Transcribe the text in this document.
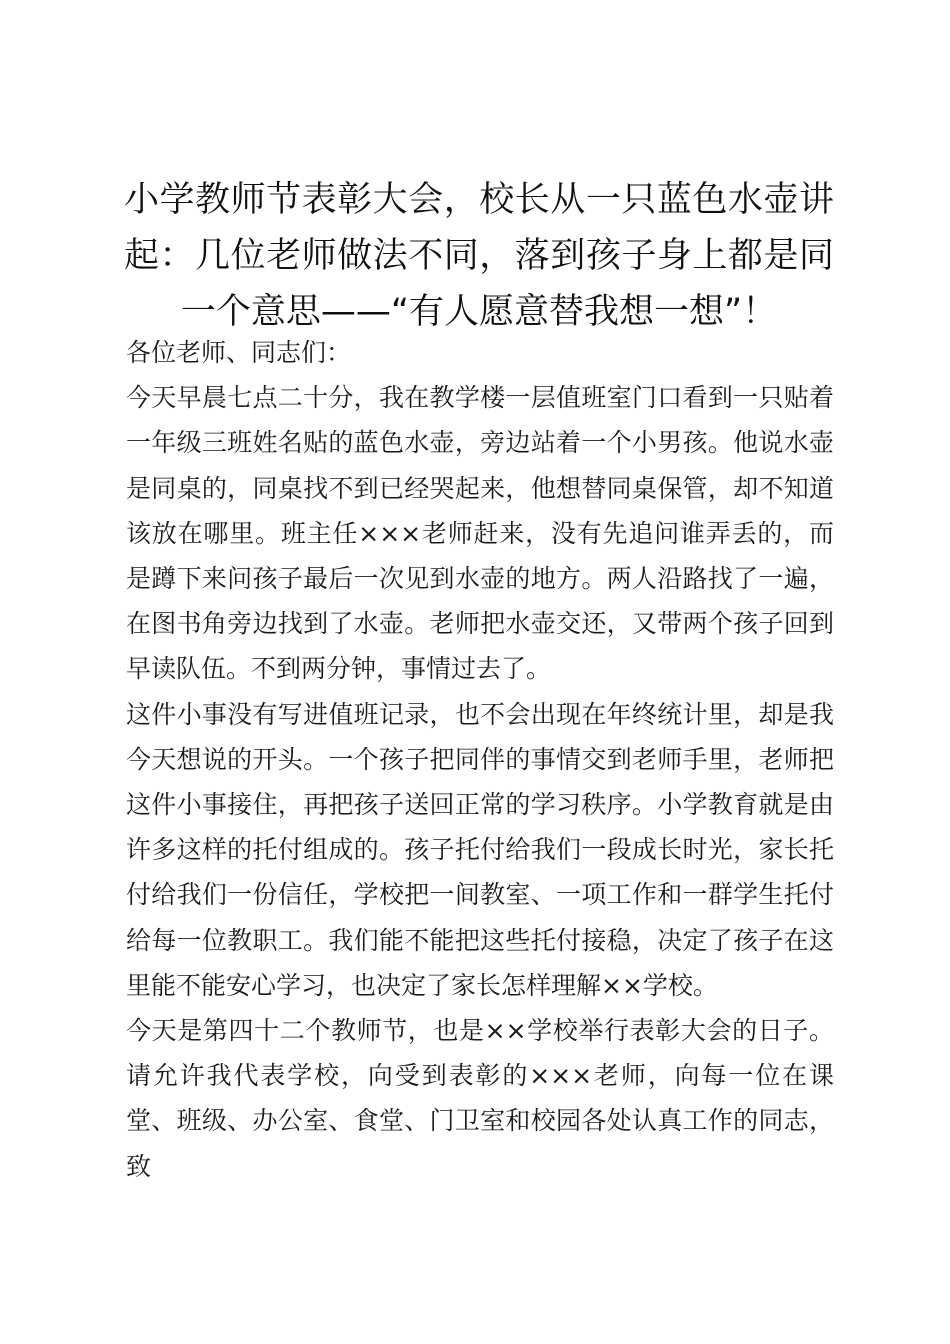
小学教师节表彰大会，校长从一只蓝色水壶讲起：几位老师做法不同，落到孩子身上都是同一个意思——“有人愿意替我想一想”！

各位老师、同志们：

今天早晨七点二十分，我在教学楼一层值班室门口看到一只贴着一年级三班姓名贴的蓝色水壶，旁边站着一个小男孩。他说水壶是同桌的，同桌找不到已经哭起来，他想替同桌保管，却不知道该放在哪里。班主任×××老师赶来，没有先追问谁弄丢的，而是蹲下来问孩子最后一次见到水壶的地方。两人沿路找了一遍，在图书角旁边找到了水壶。老师把水壶交还，又带两个孩子回到早读队伍。不到两分钟，事情过去了。

这件小事没有写进值班记录，也不会出现在年终统计里，却是我今天想说的开头。一个孩子把同伴的事情交到老师手里，老师把这件小事接住，再把孩子送回正常的学习秩序。小学教育就是由许多这样的托付组成的。孩子托付给我们一段成长时光，家长托付给我们一份信任，学校把一间教室、一项工作和一群学生托付给每一位教职工。我们能不能把这些托付接稳，决定了孩子在这里能不能安心学习，也决定了家长怎样理解××学校。

今天是第四十二个教师节，也是××学校举行表彰大会的日子。请允许我代表学校，向受到表彰的×××老师，向每一位在课堂、班级、办公室、食堂、门卫室和校园各处认真工作的同志，致
